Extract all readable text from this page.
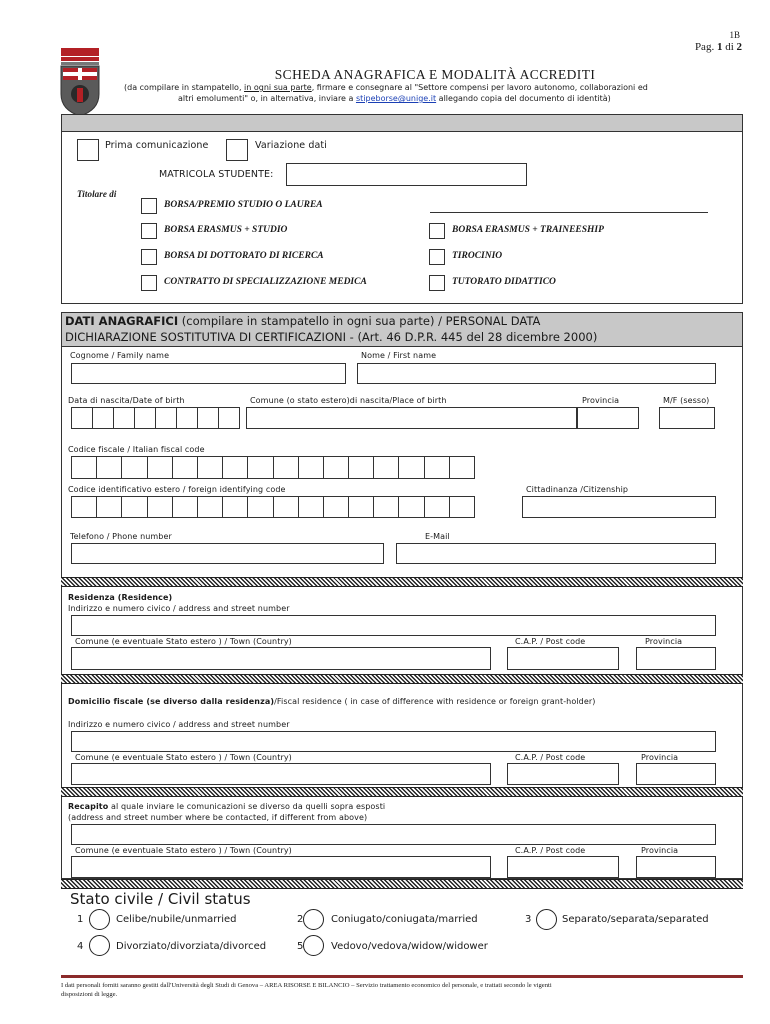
1B
Pag. 1 di 2
SCHEDA ANAGRAFICA E MODALITÀ ACCREDITI
(da compilare in stampatello, in ogni sua parte, firmare e consegnare al "Settore compensi per lavoro autonomo, collaborazioni ed
altri emolumenti" o, in alternativa, inviare a stipeborse@unige.it allegando copia del documento di identità)
Prima comunicazione	Variazione dati
MATRICOLA STUDENTE:
Titolare di
BORSA/PREMIO STUDIO O LAUREA
BORSA ERASMUS + STUDIO	BORSA ERASMUS + TRAINEESHIP
BORSA DI DOTTORATO DI RICERCA	TIROCINIO
CONTRATTO DI SPECIALIZZAZIONE MEDICA	TUTORATO DIDATTICO
DATI ANAGRAFICI (compilare in stampatello in ogni sua parte) / PERSONAL DATA
DICHIARAZIONE SOSTITUTIVA DI CERTIFICAZIONI - (Art. 46 D.P.R. 445 del 28 dicembre 2000)
Cognome / Family name	Nome / First name
Data di nascita/Date of birth	Comune (o stato estero)di nascita/Place of birth	Provincia	M/F (sesso)
Codice fiscale / Italian fiscal code
Codice identificativo estero / foreign identifying code	Cittadinanza /Citizenship
Telefono / Phone number	E-Mail
Residenza (Residence)
Indirizzo e numero civico / address and street number
Comune (e eventuale Stato estero ) / Town (Country)	C.A.P. / Post code	Provincia
Domicilio fiscale (se diverso dalla residenza)/Fiscal residence ( in case of difference with residence or foreign grant-holder)
Indirizzo e numero civico / address and street number
Comune (e eventuale Stato estero ) / Town (Country)	C.A.P. / Post code	Provincia
Recapito al quale inviare le comunicazioni se diverso da quelli sopra esposti
(address and street number where be contacted, if different from above)
Comune (e eventuale Stato estero ) / Town (Country)	C.A.P. / Post code	Provincia
Stato civile / Civil status
1	Celibe/nubile/unmarried	2	Coniugato/coniugata/married	3	Separato/separata/separated
4	Divorziato/divorziata/divorced	5	Vedovo/vedova/widow/widower
I dati personali forniti saranno gestiti dall'Università degli Studi di Genova – AREA RISORSE E BILANCIO – Servizio trattamento economico del personale, e trattati secondo le vigenti
disposizioni di legge.
